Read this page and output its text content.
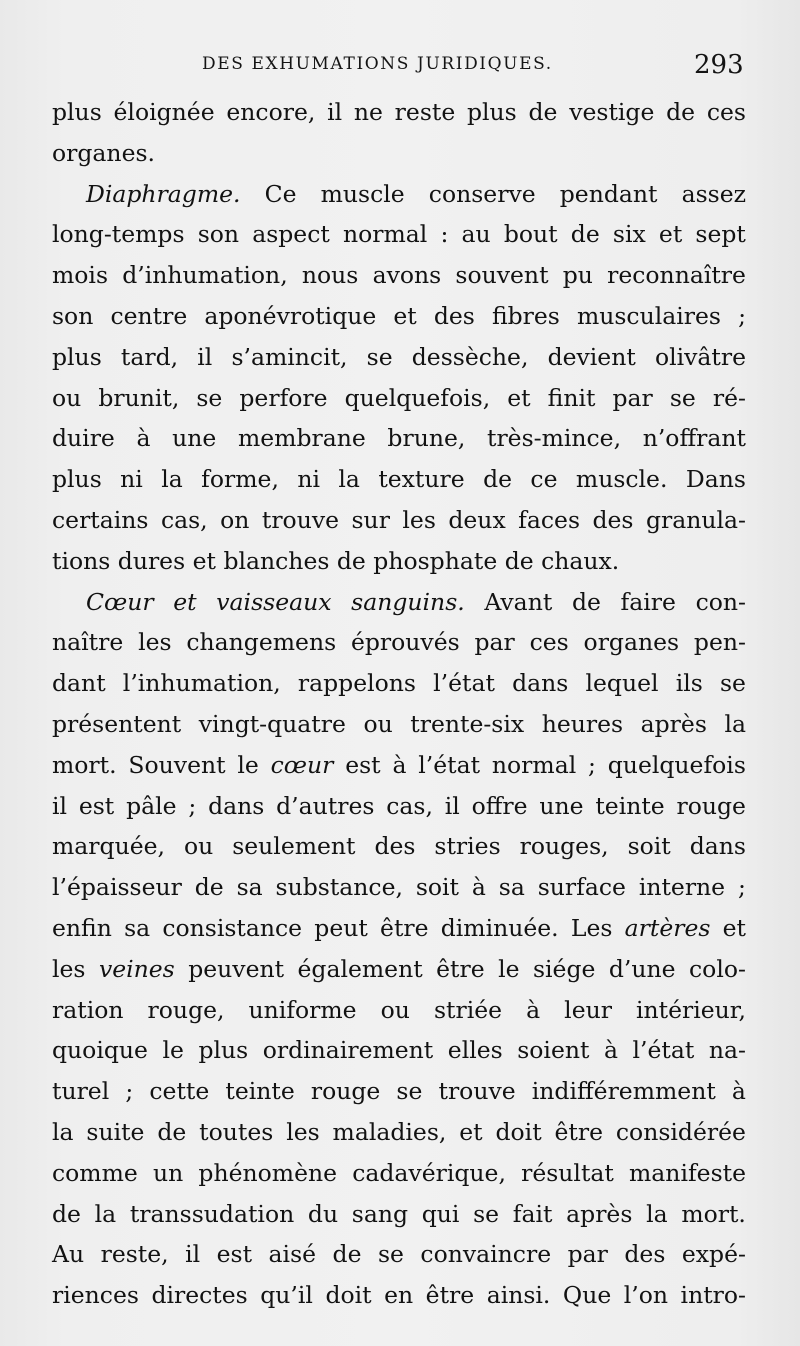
DES EXHUMATIONS JURIDIQUES.	293
plus éloignée encore, il ne reste plus de vestige de ces
organes.
Diaphragme. Ce muscle conserve pendant assez
long-temps son aspect normal : au bout de six et sept
mois d’inhumation, nous avons souvent pu reconnaître
son centre aponévrotique et des fibres musculaires ;
plus tard, il s’amincit, se dessèche, devient olivâtre
ou brunit, se perfore quelquefois, et finit par se ré-
duire à une membrane brune, très-mince, n’offrant
plus ni la forme, ni la texture de ce muscle. Dans
certains cas, on trouve sur les deux faces des granula-
tions dures et blanches de phosphate de chaux.
Cœur et vaisseaux sanguins. Avant de faire con-
naître les changemens éprouvés par ces organes pen-
dant l’inhumation, rappelons l’état dans lequel ils se
présentent vingt-quatre ou trente-six heures après la
mort. Souvent le cœur est à l’état normal ; quelquefois
il est pâle ; dans d’autres cas, il offre une teinte rouge
marquée, ou seulement des stries rouges, soit dans
l’épaisseur de sa substance, soit à sa surface interne ;
enfin sa consistance peut être diminuée. Les artères et
les veines peuvent également être le siége d’une colo-
ration rouge, uniforme ou striée à leur intérieur,
quoique le plus ordinairement elles soient à l’état na-
turel ; cette teinte rouge se trouve indifféremment à
la suite de toutes les maladies, et doit être considérée
comme un phénomène cadavérique, résultat manifeste
de la transsudation du sang qui se fait après la mort.
Au reste, il est aisé de se convaincre par des expé-
riences directes qu’il doit en être ainsi. Que l’on intro-
